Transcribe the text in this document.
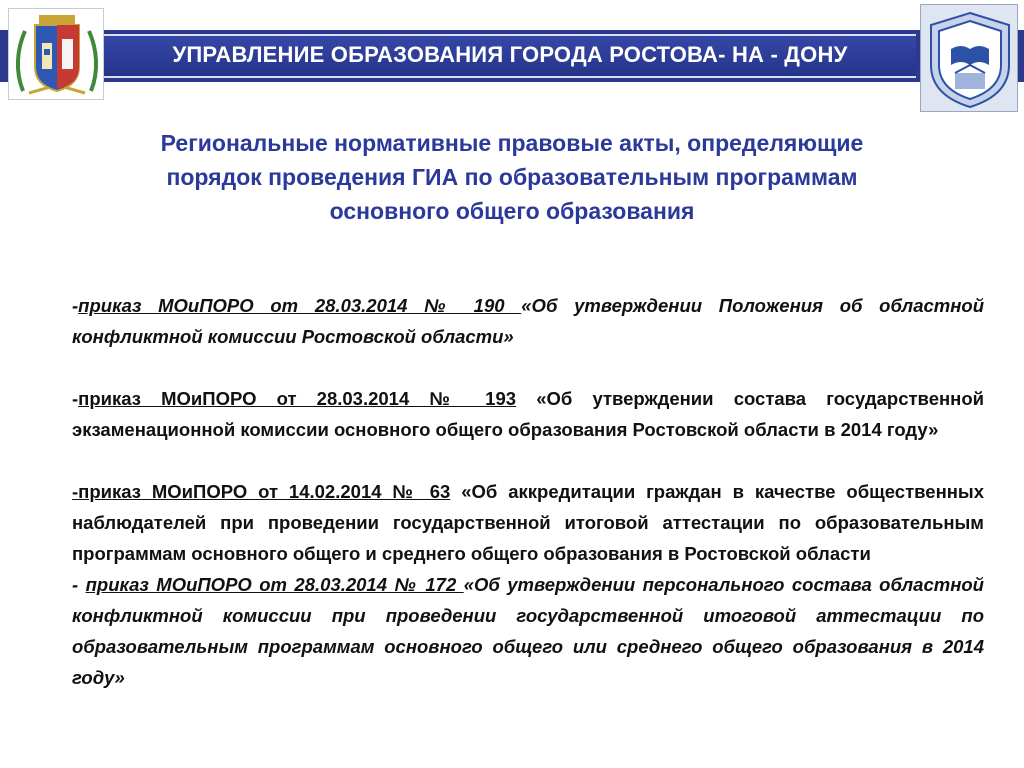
УПРАВЛЕНИЕ ОБРАЗОВАНИЯ ГОРОДА РОСТОВА- НА - ДОНУ
Региональные нормативные правовые акты, определяющие
порядок проведения ГИА по образовательным программам
основного общего образования
-приказ МОиПОРО от 28.03.2014 № 190 «Об утверждении Положения об областной конфликтной комиссии Ростовской области»
-приказ МОиПОРО от 28.03.2014 № 193 «Об утверждении состава государственной экзаменационной комиссии основного общего образования Ростовской области в 2014 году»
-приказ МОиПОРО от 14.02.2014 № 63 «Об аккредитации граждан в качестве общественных наблюдателей при проведении государственной итоговой аттестации по образовательным программам основного общего и среднего общего образования в Ростовской области
- приказ МОиПОРО от 28.03.2014 № 172 «Об утверждении персонального состава областной конфликтной комиссии при проведении государственной итоговой аттестации по образовательным программам основного общего или среднего общего образования в 2014 году»
